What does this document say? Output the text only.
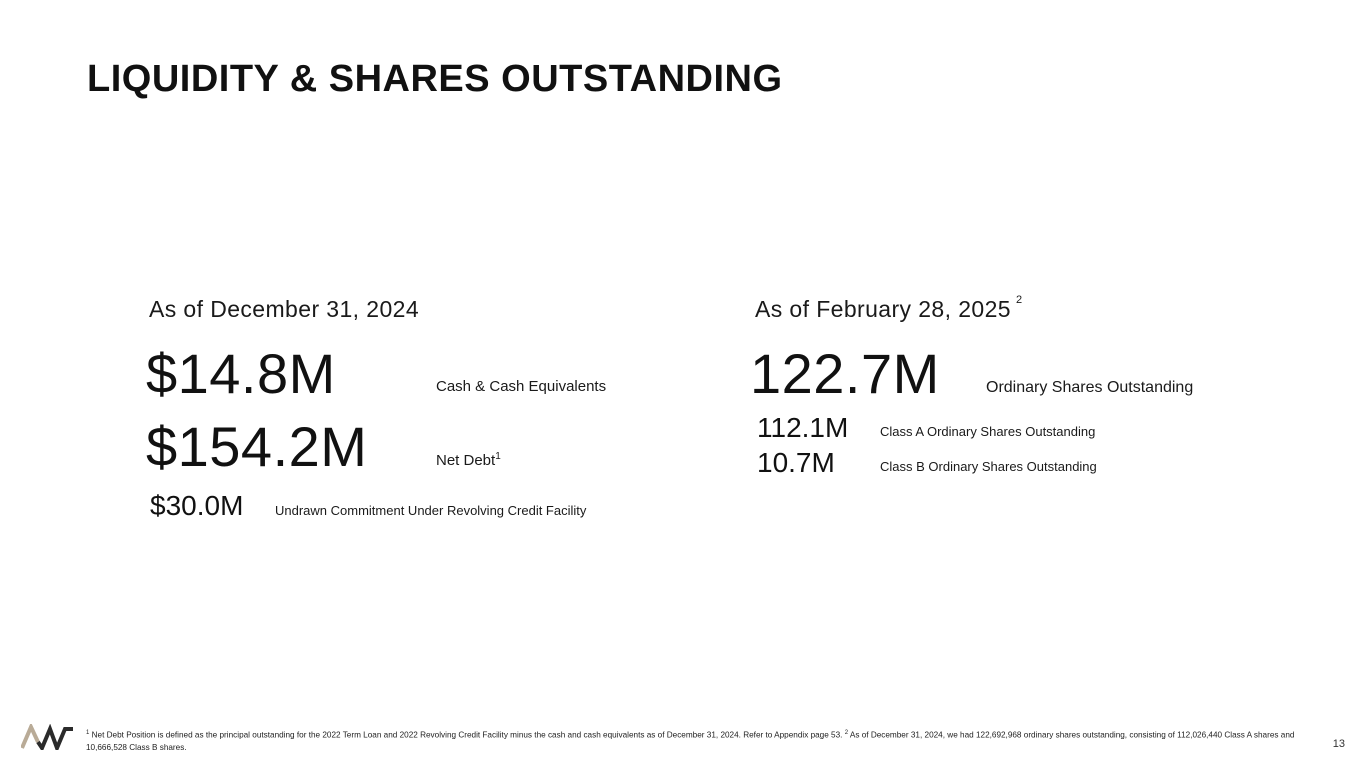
LIQUIDITY & SHARES OUTSTANDING
As of December 31, 2024
$14.8M	Cash & Cash Equivalents
$154.2M	Net Debt$^1$
$30.0M Undrawn Commitment Under Revolving Credit Facility
As of February 28, 2025 $^2$
122.7M	Ordinary Shares Outstanding
112.1M Class A Ordinary Shares Outstanding
10.7M	Class B Ordinary Shares Outstanding
$^1$ Net Debt Position is defined as the principal outstanding for the 2022 Term Loan and 2022 Revolving Credit Facility minus the cash and cash equivalents as of December 31, 2024. Refer to Appendix page 53. $^2$ As of December 31, 2024, we had 122,692,968 ordinary shares outstanding, consisting of 112,026,440 Class A shares and 10,666,528 Class B shares.	13
